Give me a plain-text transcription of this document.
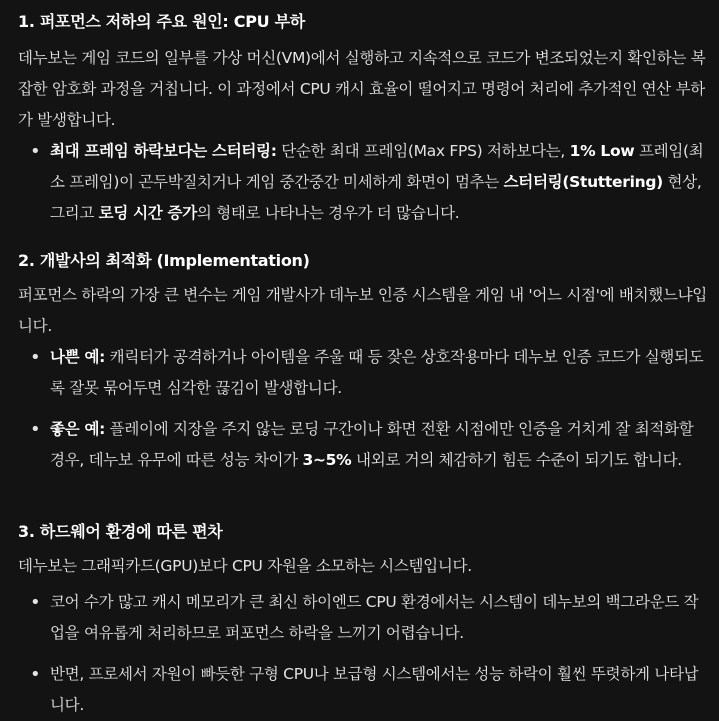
1. 퍼포먼스 저하의 주요 원인: CPU 부하

데누보는 게임 코드의 일부를 가상 머신(VM)에서 실행하고 지속적으로 코드가 변조되었는지 확인하는 복잡한 암호화 과정을 거칩니다. 이 과정에서 CPU 캐시 효율이 떨어지고 명령어 처리에 추가적인 연산 부하가 발생합니다.

• 최대 프레임 하락보다는 스터터링: 단순한 최대 프레임(Max FPS) 저하보다는, 1% Low 프레임(최소 프레임)이 곤두박질치거나 게임 중간중간 미세하게 화면이 멈추는 스터터링(Stuttering) 현상, 그리고 로딩 시간 증가의 형태로 나타나는 경우가 더 많습니다.
2. 개발사의 최적화 (Implementation)

퍼포먼스 하락의 가장 큰 변수는 게임 개발사가 데누보 인증 시스템을 게임 내 '어느 시점'에 배치했느냐입니다.

• 나쁜 예: 캐릭터가 공격하거나 아이템을 주울 때 등 잦은 상호작용마다 데누보 인증 코드가 실행되도록 잘못 묶어두면 심각한 끊김이 발생합니다.
• 좋은 예: 플레이에 지장을 주지 않는 로딩 구간이나 화면 전환 시점에만 인증을 거치게 잘 최적화할 경우, 데누보 유무에 따른 성능 차이가 3~5% 내외로 거의 체감하기 힘든 수준이 되기도 합니다.
3. 하드웨어 환경에 따른 편차

데누보는 그래픽카드(GPU)보다 CPU 자원을 소모하는 시스템입니다.

• 코어 수가 많고 캐시 메모리가 큰 최신 하이엔드 CPU 환경에서는 시스템이 데누보의 백그라운드 작업을 여유롭게 처리하므로 퍼포먼스 하락을 느끼기 어렵습니다.
• 반면, 프로세서 자원이 빠듯한 구형 CPU나 보급형 시스템에서는 성능 하락이 훨씬 뚜렷하게 나타납니다.
